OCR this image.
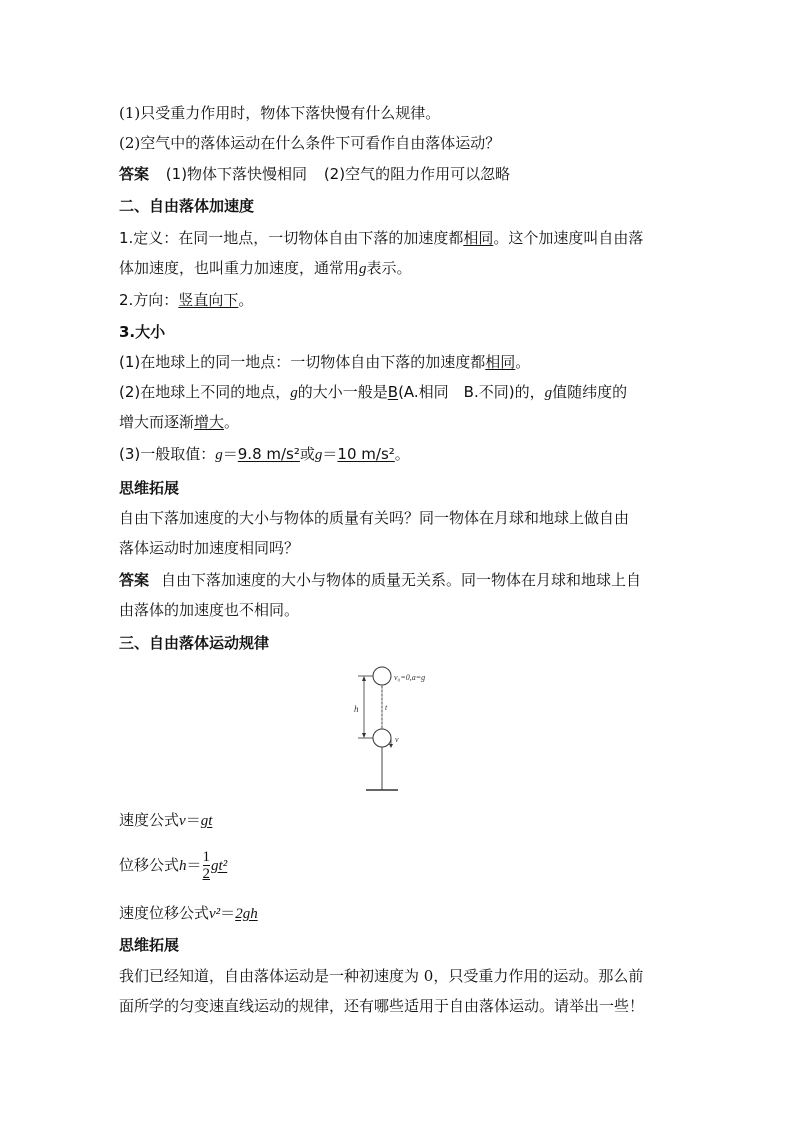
(1)只受重力作用时，物体下落快慢有什么规律。
(2)空气中的落体运动在什么条件下可看作自由落体运动？
答案 (1)物体下落快慢相同 (2)空气的阻力作用可以忽略
二、自由落体加速度
1.定义：在同一地点，一切物体自由下落的加速度都相同。这个加速度叫自由落
体加速度，也叫重力加速度，通常用g表示。
2.方向：竖直向下。
3.大小
(1)在地球上的同一地点：一切物体自由下落的加速度都相同。
(2)在地球上不同的地点，g的大小一般是B(A.相同　B.不同)的，g值随纬度的
增大而逐渐增大。
(3)一般取值：g＝9.8 m/s²或g＝10 m/s²。
思维拓展
自由下落加速度的大小与物体的质量有关吗？同一物体在月球和地球上做自由
落体运动时加速度相同吗？
答案 自由下落加速度的大小与物体的质量无关系。同一物体在月球和地球上自
由落体的加速度也不相同。
三、自由落体运动规律
v₀=0,a=g
h	t
v
速度公式v＝gt
位移公式$h= \frac{1}{2} gt^2$
速度位移公式v²＝2gh
思维拓展
我们已经知道，自由落体运动是一种初速度为 0，只受重力作用的运动。那么前
面所学的匀变速直线运动的规律，还有哪些适用于自由落体运动。请举出一些！
